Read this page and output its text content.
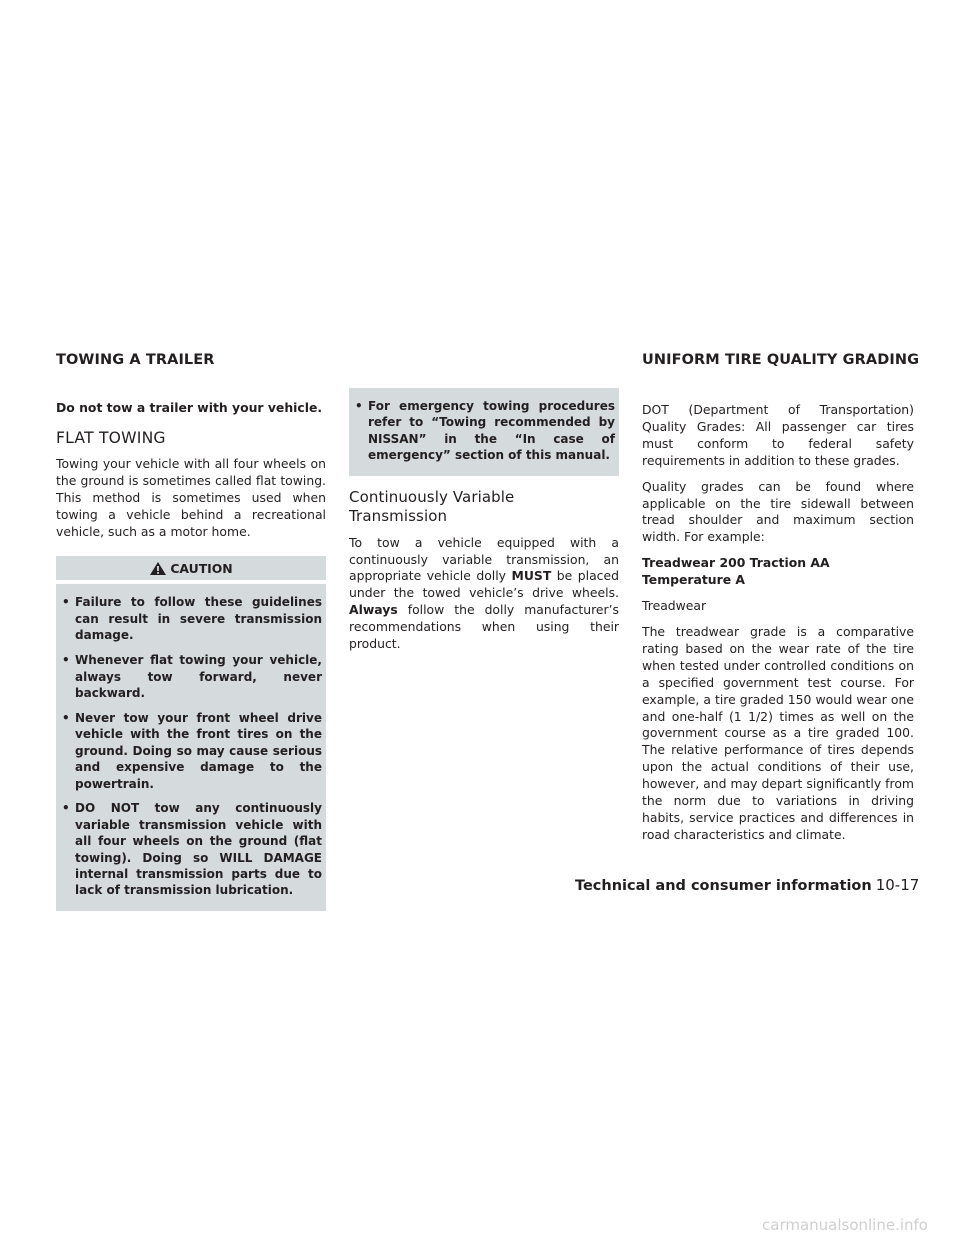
TOWING A TRAILER	UNIFORM TIRE QUALITY GRADING

Do not tow a trailer with your vehicle.

FLAT TOWING

Towing your vehicle with all four wheels on the ground is sometimes called flat towing. This method is sometimes used when towing a vehicle behind a recreational vehicle, such as a motor home.

CAUTION
• Failure to follow these guidelines can result in severe transmission damage.
• Whenever flat towing your vehicle, always tow forward, never backward.
• Never tow your front wheel drive vehicle with the front tires on the ground. Doing so may cause serious and expensive damage to the powertrain.
• DO NOT tow any continuously variable transmission vehicle with all four wheels on the ground (flat towing). Doing so WILL DAMAGE internal transmission parts due to lack of transmission lubrication.
• For emergency towing procedures refer to “Towing recommended by NISSAN” in the “In case of emergency” section of this manual.
Continuously Variable
Transmission

To tow a vehicle equipped with a continuously variable transmission, an appropriate vehicle dolly MUST be placed under the towed vehicle’s drive wheels. Always follow the dolly manufacturer’s recommendations when using their product.

DOT (Department of Transportation) Quality Grades: All passenger car tires must conform to federal safety requirements in addition to these grades.

Quality grades can be found where applicable on the tire sidewall between tread shoulder and maximum section width. For example:

Treadwear 200 Traction AA Temperature A

Treadwear

The treadwear grade is a comparative rating based on the wear rate of the tire when tested under controlled conditions on a specified government test course. For example, a tire graded 150 would wear one and one-half (1 1/2) times as well on the government course as a tire graded 100. The relative performance of tires depends upon the actual conditions of their use, however, and may depart significantly from the norm due to variations in driving habits, service practices and differences in road characteristics and climate.

Technical and consumer information 10-17
carmanualsonline.info
